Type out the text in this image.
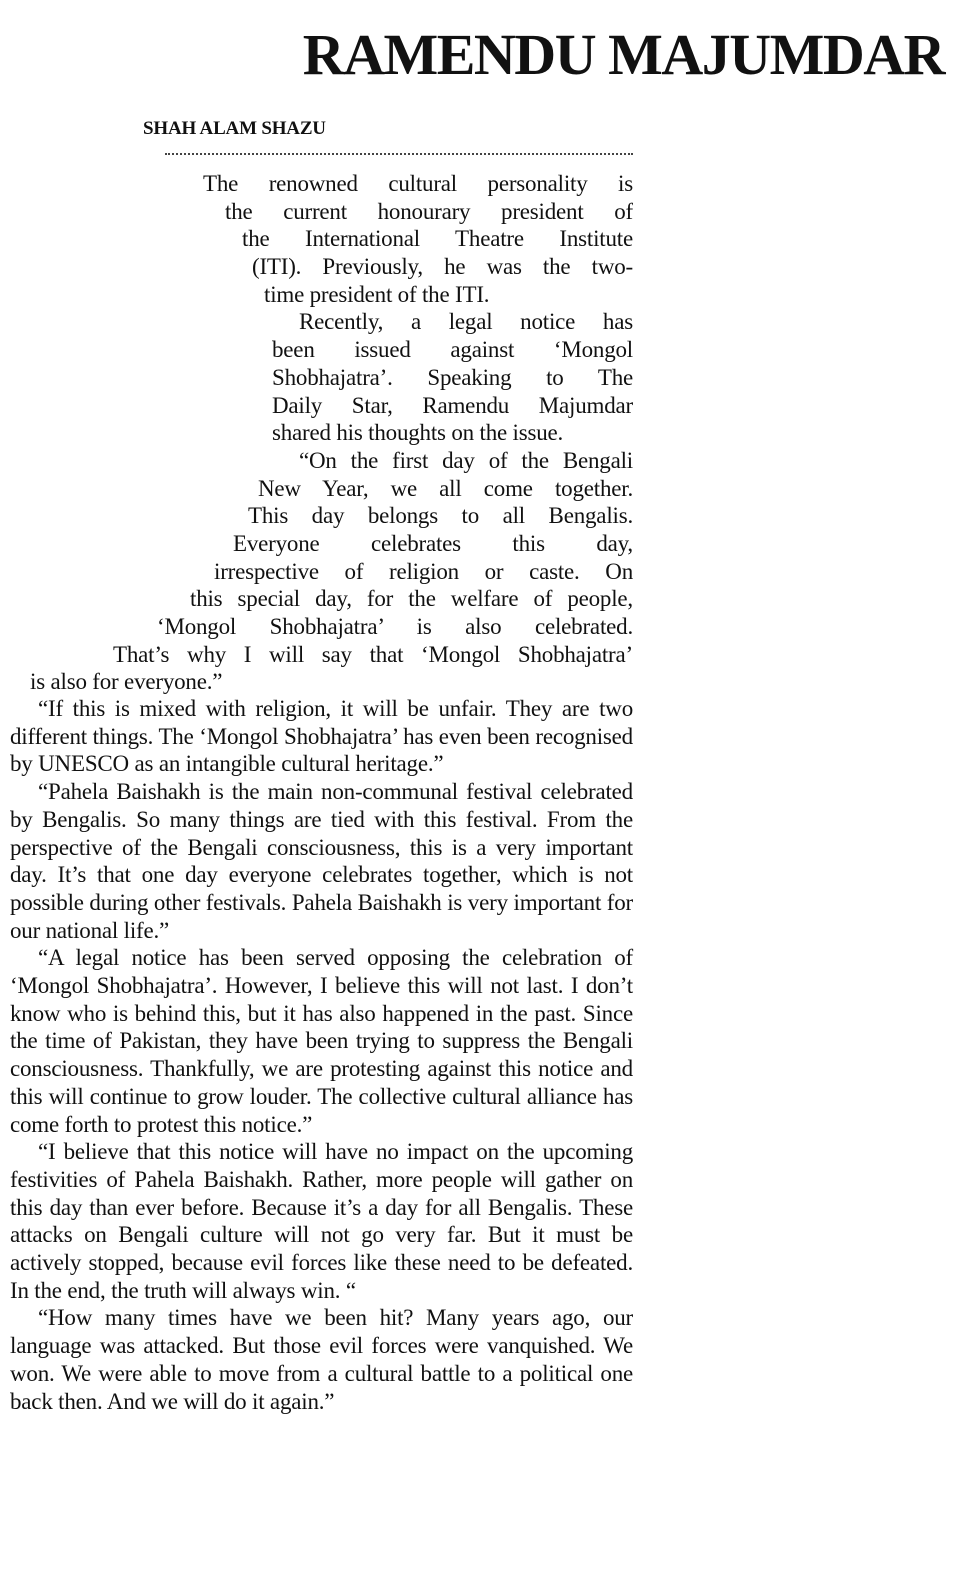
RAMENDU MAJUMDAR
SHAH ALAM SHAZU
The renowned cultural personality is
the current honourary president of
the International Theatre Institute
(ITI). Previously, he was the two-
time president of the ITI.
Recently, a legal notice has
been issued against ‘Mongol
Shobhajatra’. Speaking to The
Daily Star, Ramendu Majumdar
shared his thoughts on the issue.
“On the first day of the Bengali
New Year, we all come together.
This day belongs to all Bengalis.
Everyone celebrates this day,
irrespective of religion or caste. On
this special day, for the welfare of people,
‘Mongol Shobhajatra’ is also celebrated.
That’s why I will say that ‘Mongol Shobhajatra’
is also for everyone.”

“If this is mixed with religion, it will be unfair. They are two different things. The ‘Mongol Shobhajatra’ has even been recognised by UNESCO as an intangible cultural heritage.”

“Pahela Baishakh is the main non-communal festival celebrated by Bengalis. So many things are tied with this festival. From the perspective of the Bengali consciousness, this is a very important day. It’s that one day everyone celebrates together, which is not possible during other festivals. Pahela Baishakh is very important for our national life.”

“A legal notice has been served opposing the celebration of ‘Mongol Shobhajatra’. However, I believe this will not last. I don’t know who is behind this, but it has also happened in the past. Since the time of Pakistan, they have been trying to suppress the Bengali consciousness. Thankfully, we are protesting against this notice and this will continue to grow louder. The collective cultural alliance has come forth to protest this notice.”

“I believe that this notice will have no impact on the upcoming festivities of Pahela Baishakh. Rather, more people will gather on this day than ever before. Because it’s a day for all Bengalis. These attacks on Bengali culture will not go very far. But it must be actively stopped, because evil forces like these need to be defeated. In the end, the truth will always win. “

“How many times have we been hit? Many years ago, our language was attacked. But those evil forces were vanquished. We won. We were able to move from a cultural battle to a political one back then. And we will do it again.”
